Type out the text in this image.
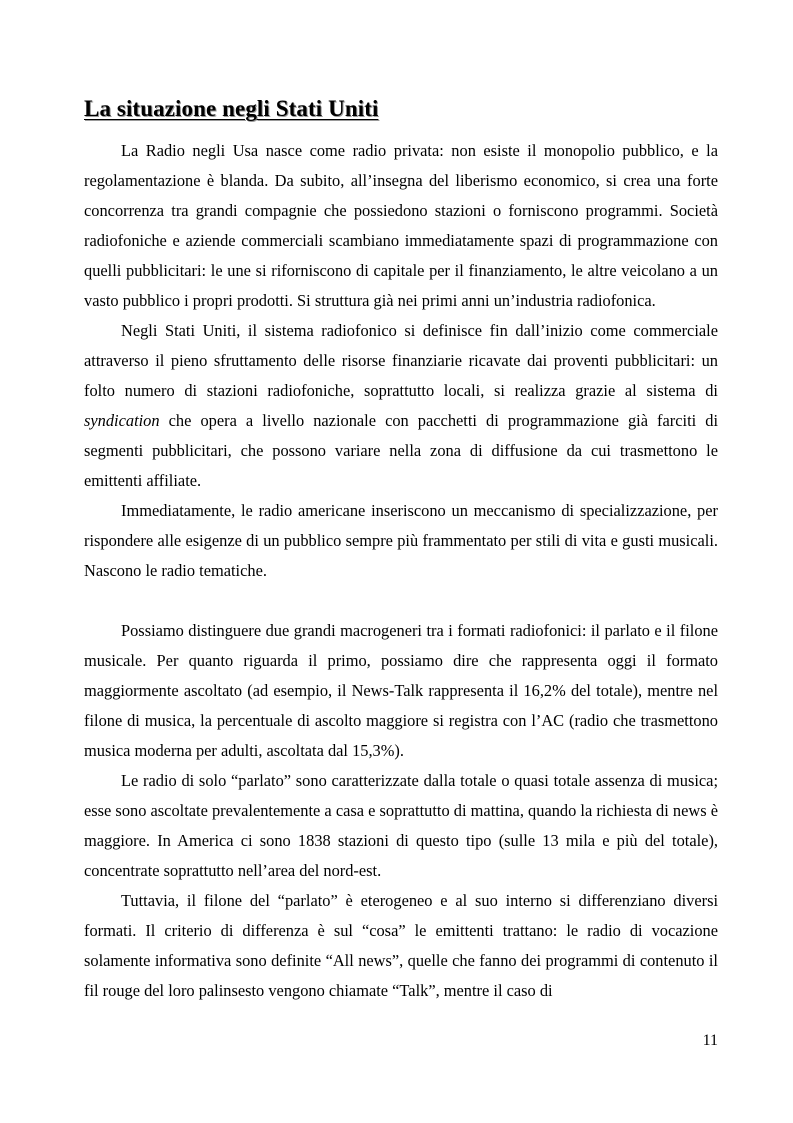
La situazione negli Stati Uniti

La Radio negli Usa nasce come radio privata: non esiste il monopolio pubblico, e la regolamentazione è blanda. Da subito, all’insegna del liberismo economico, si crea una forte concorrenza tra grandi compagnie che possiedono stazioni o forniscono programmi. Società radiofoniche e aziende commerciali scambiano immediatamente spazi di programmazione con quelli pubblicitari: le une si riforniscono di capitale per il finanziamento, le altre veicolano a un vasto pubblico i propri prodotti. Si struttura già nei primi anni un’industria radiofonica.

Negli Stati Uniti, il sistema radiofonico si definisce fin dall’inizio come commerciale attraverso il pieno sfruttamento delle risorse finanziarie ricavate dai proventi pubblicitari: un folto numero di stazioni radiofoniche, soprattutto locali, si realizza grazie al sistema di syndication che opera a livello nazionale con pacchetti di programmazione già farciti di segmenti pubblicitari, che possono variare nella zona di diffusione da cui trasmettono le emittenti affiliate.

Immediatamente, le radio americane inseriscono un meccanismo di specializzazione, per rispondere alle esigenze di un pubblico sempre più frammentato per stili di vita e gusti musicali. Nascono le radio tematiche.

Possiamo distinguere due grandi macrogeneri tra i formati radiofonici: il parlato e il filone musicale. Per quanto riguarda il primo, possiamo dire che rappresenta oggi il formato maggiormente ascoltato (ad esempio, il News-Talk rappresenta il 16,2% del totale), mentre nel filone di musica, la percentuale di ascolto maggiore si registra con l’AC (radio che trasmettono musica moderna per adulti, ascoltata dal 15,3%).

Le radio di solo “parlato” sono caratterizzate dalla totale o quasi totale assenza di musica; esse sono ascoltate prevalentemente a casa e soprattutto di mattina, quando la richiesta di news è maggiore. In America ci sono 1838 stazioni di questo tipo (sulle 13 mila e più del totale), concentrate soprattutto nell’area del nord-est.

Tuttavia, il filone del “parlato” è eterogeneo e al suo interno si differenziano diversi formati. Il criterio di differenza è sul “cosa” le emittenti trattano: le radio di vocazione solamente informativa sono definite “All news”, quelle che fanno dei programmi di contenuto il fil rouge del loro palinsesto vengono chiamate “Talk”, mentre il caso di

11
